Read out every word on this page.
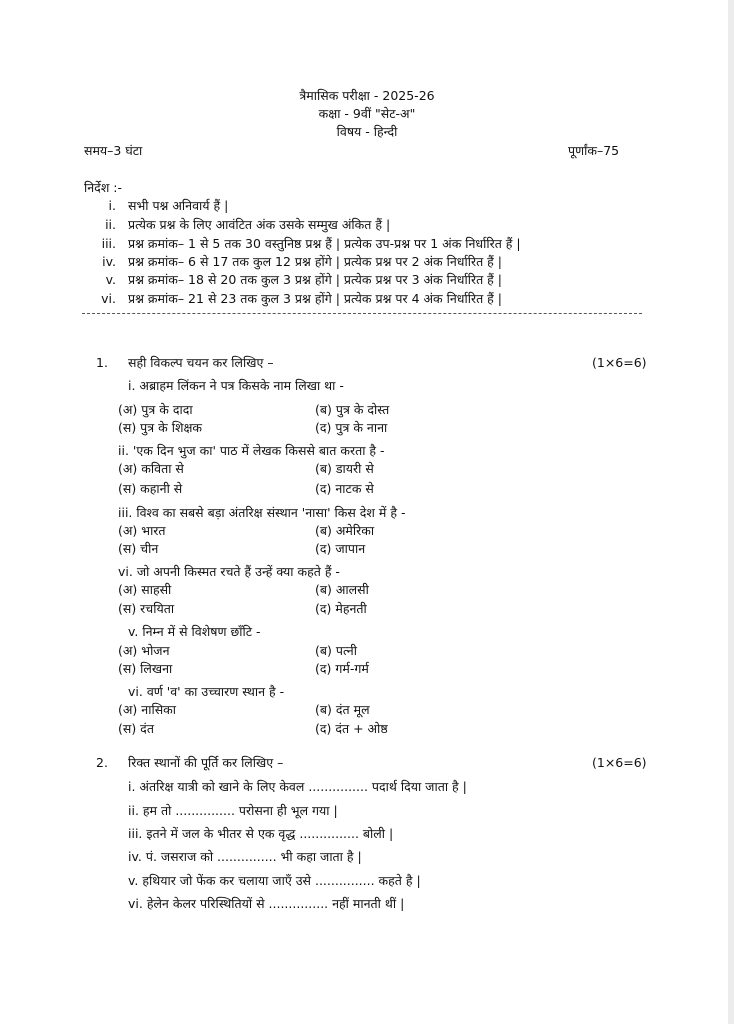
त्रैमासिक परीक्षा - 2025-26
कक्षा - 9वीं "सेट-अ"
विषय - हिन्दी
समय–3 घंटा	पूर्णांक–75
निर्देश :-
i. सभी पश्न अनिवार्य हैं |
ii. प्रत्येक प्रश्न के लिए आवंटित अंक उसके सम्मुख अंकित हैं |
iii. प्रश्न क्रमांक– 1 से 5 तक 30 वस्तुनिष्ठ प्रश्न हैं | प्रत्येक उप-प्रश्न पर 1 अंक निर्धारित हैं |
iv. प्रश्न क्रमांक– 6 से 17 तक कुल 12 प्रश्न होंगे | प्रत्येक प्रश्न पर 2 अंक निर्धारित हैं |
v. प्रश्न क्रमांक– 18 से 20 तक कुल 3 प्रश्न होंगे | प्रत्येक प्रश्न पर 3 अंक निर्धारित हैं |
vi. प्रश्न क्रमांक– 21 से 23 तक कुल 3 प्रश्न होंगे | प्रत्येक प्रश्न पर 4 अंक निर्धारित हैं |
1. सही विकल्प चयन कर लिखिए –	(1×6=6)
i. अब्राहम लिंकन ने पत्र किसके नाम लिखा था -
(अ) पुत्र के दादा	(ब) पुत्र के दोस्त
(स) पुत्र के शिक्षक	(द) पुत्र के नाना
ii. 'एक दिन भुज का' पाठ में लेखक किससे बात करता है -
(अ) कविता से	(ब) डायरी से
(स) कहानी से	(द) नाटक से
iii. विश्व का सबसे बड़ा अंतरिक्ष संस्थान 'नासा' किस देश में है -
(अ) भारत	(ब) अमेरिका
(स) चीन	(द) जापान
vi. जो अपनी किस्मत रचते हैं उन्हें क्या कहते हैं -
(अ) साहसी	(ब) आलसी
(स) रचयिता	(द) मेहनती
v. निम्न में से विशेषण छाँटि -
(अ) भोजन	(ब) पत्नी
(स) लिखना	(द) गर्म-गर्म
vi. वर्ण 'व' का उच्चारण स्थान है -
(अ) नासिका	(ब) दंत मूल
(स) दंत	(द) दंत + ओष्ठ
2. रिक्त स्थानों की पूर्ति कर लिखिए –	(1×6=6)
i. अंतरिक्ष यात्री को खाने के लिए केवल ............... पदार्थ दिया जाता है |
ii. हम तो ............... परोसना ही भूल गया |
iii. इतने में जल के भीतर से एक वृद्ध ............... बोली |
iv. पं. जसराज को ............... भी कहा जाता है |
v. हथियार जो फेंक कर चलाया जाएँ उसे ............... कहते है |
vi. हेलेन केलर परिस्थितियों से ............... नहीं मानती थीं |
